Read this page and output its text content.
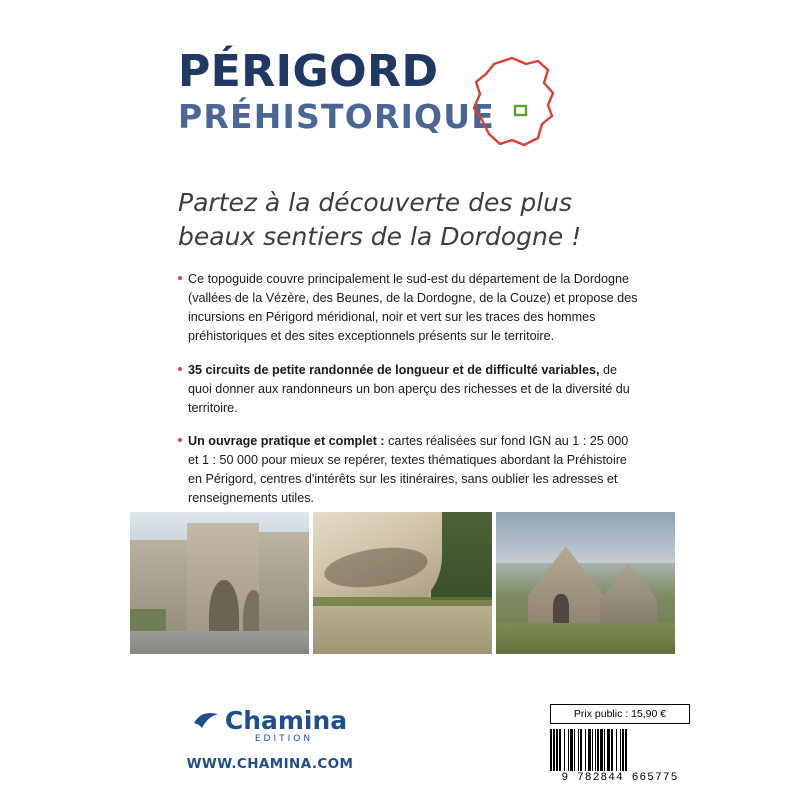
PÉRIGORD
PRÉHISTORIQUE
Partez à la découverte des plus
beaux sentiers de la Dordogne !
Ce topoguide couvre principalement le sud-est du département de la Dordogne (vallées de la Vézère, des Beunes, de la Dordogne, de la Couze) et propose des incursions en Périgord méridional, noir et vert sur les traces des hommes préhistoriques et des sites exceptionnels présents sur le territoire.
35 circuits de petite randonnée de longueur et de difficulté variables, de quoi donner aux randonneurs un bon aperçu des richesses et de la diversité du territoire.
Un ouvrage pratique et complet : cartes réalisées sur fond IGN au 1 : 25 000 et 1 : 50 000 pour mieux se repérer, textes thématiques abordant la Préhistoire en Périgord, centres d'intérêts sur les itinéraires, sans oublier les adresses et renseignements utiles.
Chamina
EDITION
WWW.CHAMINA.COM
Prix public : 15,90 €
9 782844 665775
